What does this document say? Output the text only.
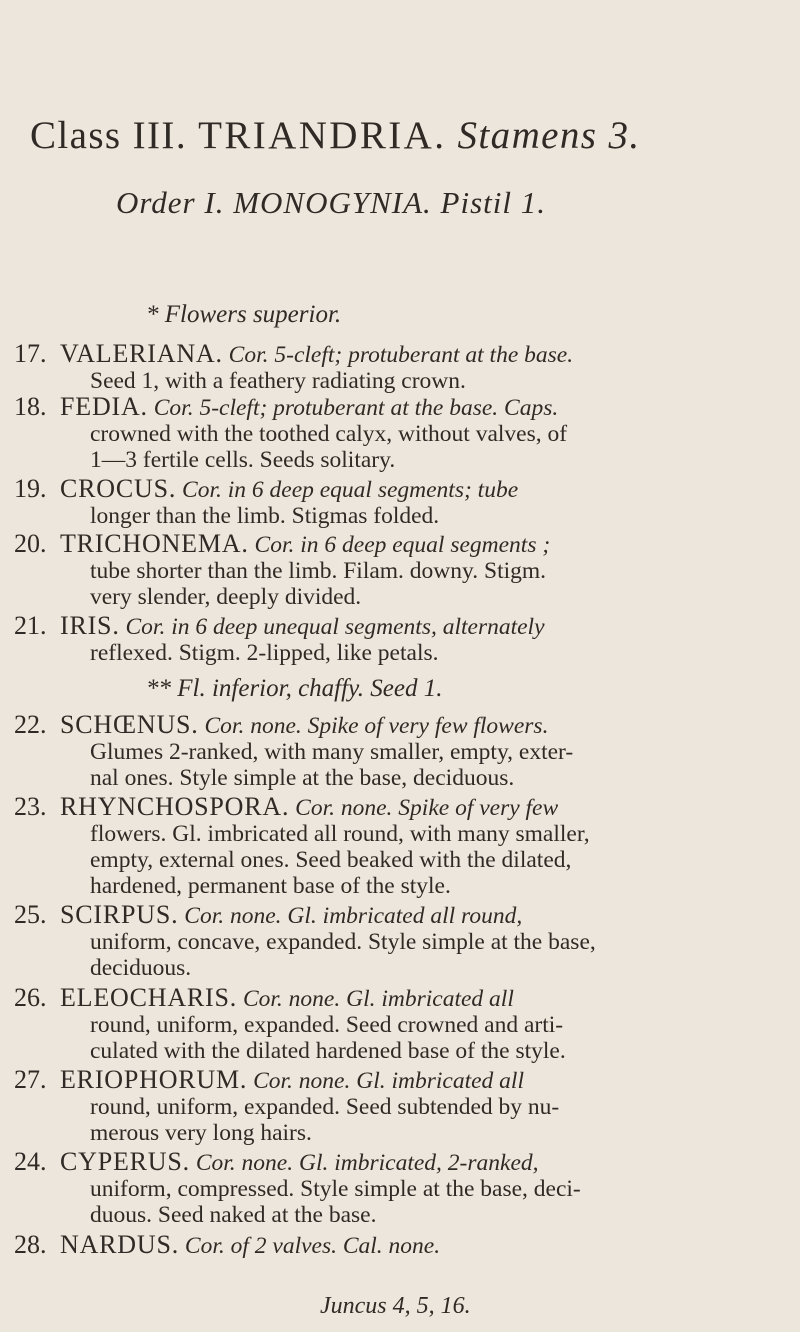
Class III. TRIANDRIA. Stamens 3.
Order I. MONOGYNIA. Pistil 1.
* Flowers superior.
17. VALERIANA. Cor. 5-cleft; protuberant at the base.
Seed 1, with a feathery radiating crown.
18. FEDIA. Cor. 5-cleft; protuberant at the base. Caps.
crowned with the toothed calyx, without valves, of
1—3 fertile cells. Seeds solitary.
19. CROCUS. Cor. in 6 deep equal segments; tube
longer than the limb. Stigmas folded.
20. TRICHONEMA. Cor. in 6 deep equal segments ;
tube shorter than the limb. Filam. downy. Stigm.
very slender, deeply divided.
21. IRIS. Cor. in 6 deep unequal segments, alternately
reflexed. Stigm. 2-lipped, like petals.
** Fl. inferior, chaffy. Seed 1.
22. SCHŒNUS. Cor. none. Spike of very few flowers.
Glumes 2-ranked, with many smaller, empty, exter-
nal ones. Style simple at the base, deciduous.
23. RHYNCHOSPORA. Cor. none. Spike of very few
flowers. Gl. imbricated all round, with many smaller,
empty, external ones. Seed beaked with the dilated,
hardened, permanent base of the style.
25. SCIRPUS. Cor. none. Gl. imbricated all round,
uniform, concave, expanded. Style simple at the base,
deciduous.
26. ELEOCHARIS. Cor. none. Gl. imbricated all
round, uniform, expanded. Seed crowned and arti-
culated with the dilated hardened base of the style.
27. ERIOPHORUM. Cor. none. Gl. imbricated all
round, uniform, expanded. Seed subtended by nu-
merous very long hairs.
24. CYPERUS. Cor. none. Gl. imbricated, 2-ranked,
uniform, compressed. Style simple at the base, deci-
duous. Seed naked at the base.
28. NARDUS. Cor. of 2 valves. Cal. none.
Juncus 4, 5, 16.
